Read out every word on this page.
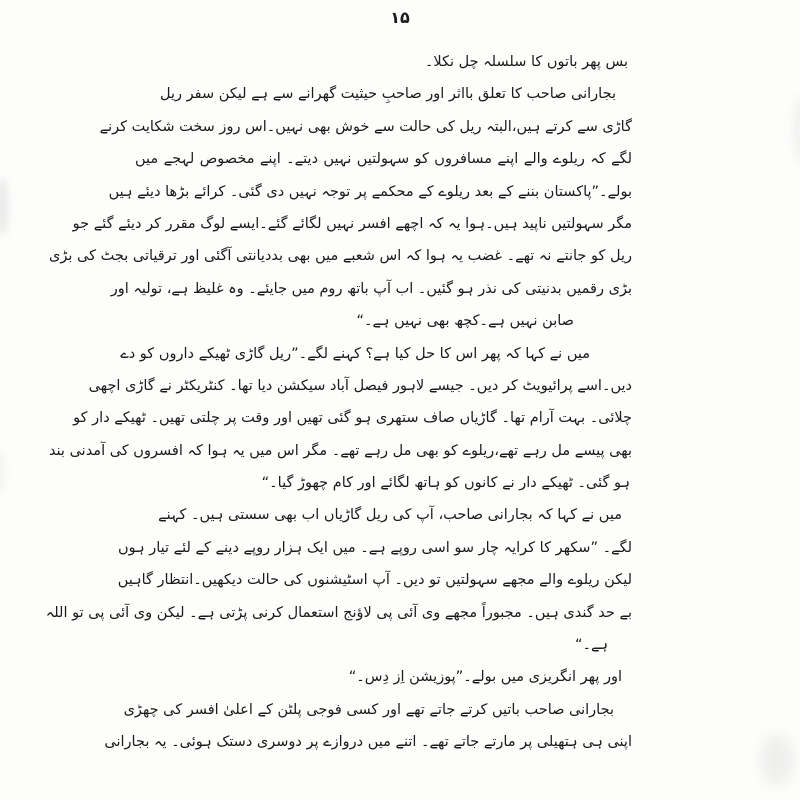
۱۵
بس پھر باتوں کا سلسلہ چل نکلا۔
بجارانی صاحب کا تعلق بااثر اور صاحبِ حیثیت گھرانے سے ہے لیکن سفر ریل
گاڑی سے کرتے ہیں،البتہ ریل کی حالت سے خوش بھی نہیں۔اس روز سخت شکایت کرنے
لگے کہ ریلوے والے اپنے مسافروں کو سہولتیں نہیں دیتے۔ اپنے مخصوص لہجے میں
بولے۔”پاکستان بننے کے بعد ریلوے کے محکمے پر توجہ نہیں دی گئی۔ کرائے بڑھا دیئے ہیں
مگر سہولتیں ناپید ہیں۔ہوا یہ کہ اچھے افسر نہیں لگائے گئے۔ایسے لوگ مقرر کر دیئے گئے جو
ریل کو جانتے نہ تھے۔ غضب یہ ہوا کہ اس شعبے میں بھی بددیانتی آگئی اور ترقیاتی بجٹ کی بڑی
بڑی رقمیں بدنیتی کی نذر ہو گئیں۔ اب آپ باتھ روم میں جایئے۔ وہ غلیظ ہے، تولیہ اور
صابن نہیں ہے۔کچھ بھی نہیں ہے۔“
میں نے کہا کہ پھر اس کا حل کیا ہے؟ کہنے لگے۔”ریل گاڑی ٹھیکے داروں کو دے
دیں۔اسے پرائیویٹ کر دیں۔ جیسے لاہور فیصل آباد سیکشن دیا تھا۔ کنٹریکٹر نے گاڑی اچھی
چلائی۔ بہت آرام تھا۔ گاڑیاں صاف ستھری ہو گئی تھیں اور وقت پر چلتی تھیں۔ ٹھیکے دار کو
بھی پیسے مل رہے تھے،ریلوے کو بھی مل رہے تھے۔ مگر اس میں یہ ہوا کہ افسروں کی آمدنی بند
ہو گئی۔ ٹھیکے دار نے کانوں کو ہاتھ لگائے اور کام چھوڑ گیا۔“
میں نے کہا کہ بجارانی صاحب، آپ کی ریل گاڑیاں اب بھی سستی ہیں۔ کہنے
لگے۔ ”سکھر کا کرایہ چار سو اسی روپے ہے۔ میں ایک ہزار روپے دینے کے لئے تیار ہوں
لیکن ریلوے والے مجھے سہولتیں تو دیں۔ آپ اسٹیشنوں کی حالت دیکھیں۔انتظار گاہیں
بے حد گندی ہیں۔ مجبوراً مجھے وی آئی پی لاؤنج استعمال کرنی پڑتی ہے۔ لیکن وی آئی پی تو اللہ
ہے۔“
اور پھر انگریزی میں بولے۔”پوزیشن اِز دِس۔“
بجارانی صاحب باتیں کرتے جاتے تھے اور کسی فوجی پلٹن کے اعلیٰ افسر کی چھڑی
اپنی ہی ہتھیلی پر مارتے جاتے تھے۔ اتنے میں دروازے پر دوسری دستک ہوئی۔ یہ بجارانی
